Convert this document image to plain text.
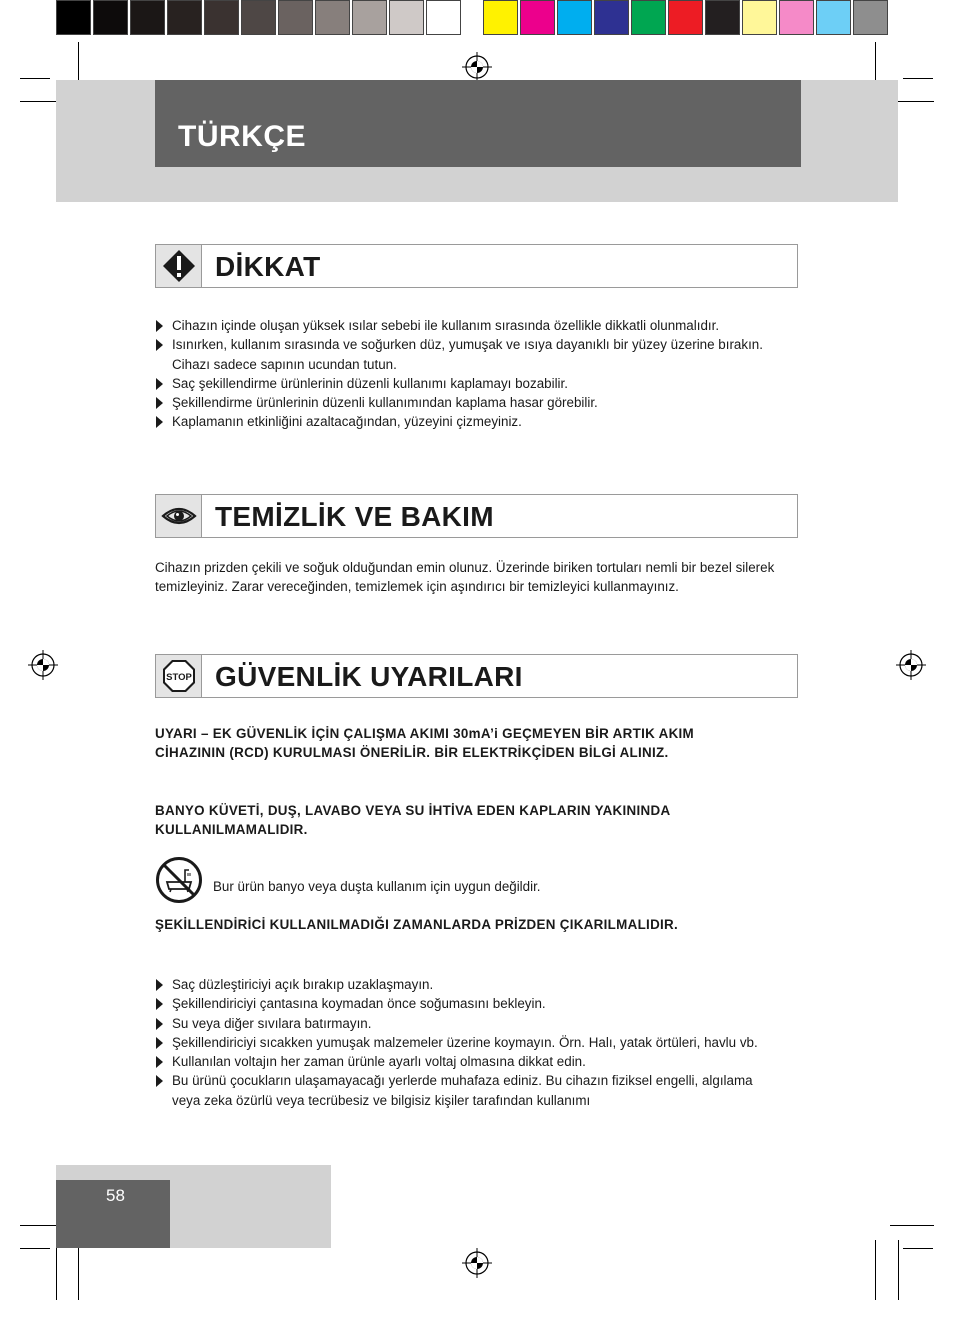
TÜRKÇE
DİKKAT
Cihazın içinde oluşan yüksek ısılar sebebi ile kullanım sırasında özellikle dikkatli olunmalıdır.
Isınırken, kullanım sırasında ve soğurken düz, yumuşak ve ısıya dayanıklı bir yüzey üzerine bırakın. Cihazı sadece sapının ucundan tutun.
Saç şekillendirme ürünlerinin düzenli kullanımı kaplamayı bozabilir.
Şekillendirme ürünlerinin düzenli kullanımından kaplama hasar görebilir.
Kaplamanın etkinliğini azaltacağından, yüzeyini çizmeyiniz.
TEMİZLİK VE BAKIM
Cihazın prizden çekili ve soğuk olduğundan emin olunuz. Üzerinde biriken tortuları nemli bir bezel silerek temizleyiniz. Zarar vereceğinden, temizlemek için aşındırıcı bir temizleyici kullanmayınız.
STOP GÜVENLİK UYARILARI
UYARI – EK GÜVENLİK İÇİN ÇALIŞMA AKIMI 30mA’i GEÇMEYEN BİR ARTIK AKIM CİHAZININ (RCD) KURULMASI ÖNERİLİR. BİR ELEKTRİKÇİDEN BİLGİ ALINIZ.
BANYO KÜVETİ, DUŞ, LAVABO VEYA SU İHTİVA EDEN KAPLARIN YAKININDA KULLANILMAMALIDIR.
Bur ürün banyo veya duşta kullanım için uygun değildir.
ŞEKİLLENDİRİCİ KULLANILMADIĞI ZAMANLARDA PRİZDEN ÇIKARILMALIDIR.
Saç düzleştiriciyi açık bırakıp uzaklaşmayın.
Şekillendiriciyi çantasına koymadan önce soğumasını bekleyin.
Su veya diğer sıvılara batırmayın.
Şekillendiriciyi sıcakken yumuşak malzemeler üzerine koymayın. Örn. Halı, yatak örtüleri, havlu vb.
Kullanılan voltajın her zaman ürünle ayarlı voltaj olmasına dikkat edin.
Bu ürünü çocukların ulaşamayacağı yerlerde muhafaza ediniz. Bu cihazın fiziksel engelli, algılama veya zeka özürlü veya tecrübesiz ve bilgisiz kişiler tarafından kullanımı
58
